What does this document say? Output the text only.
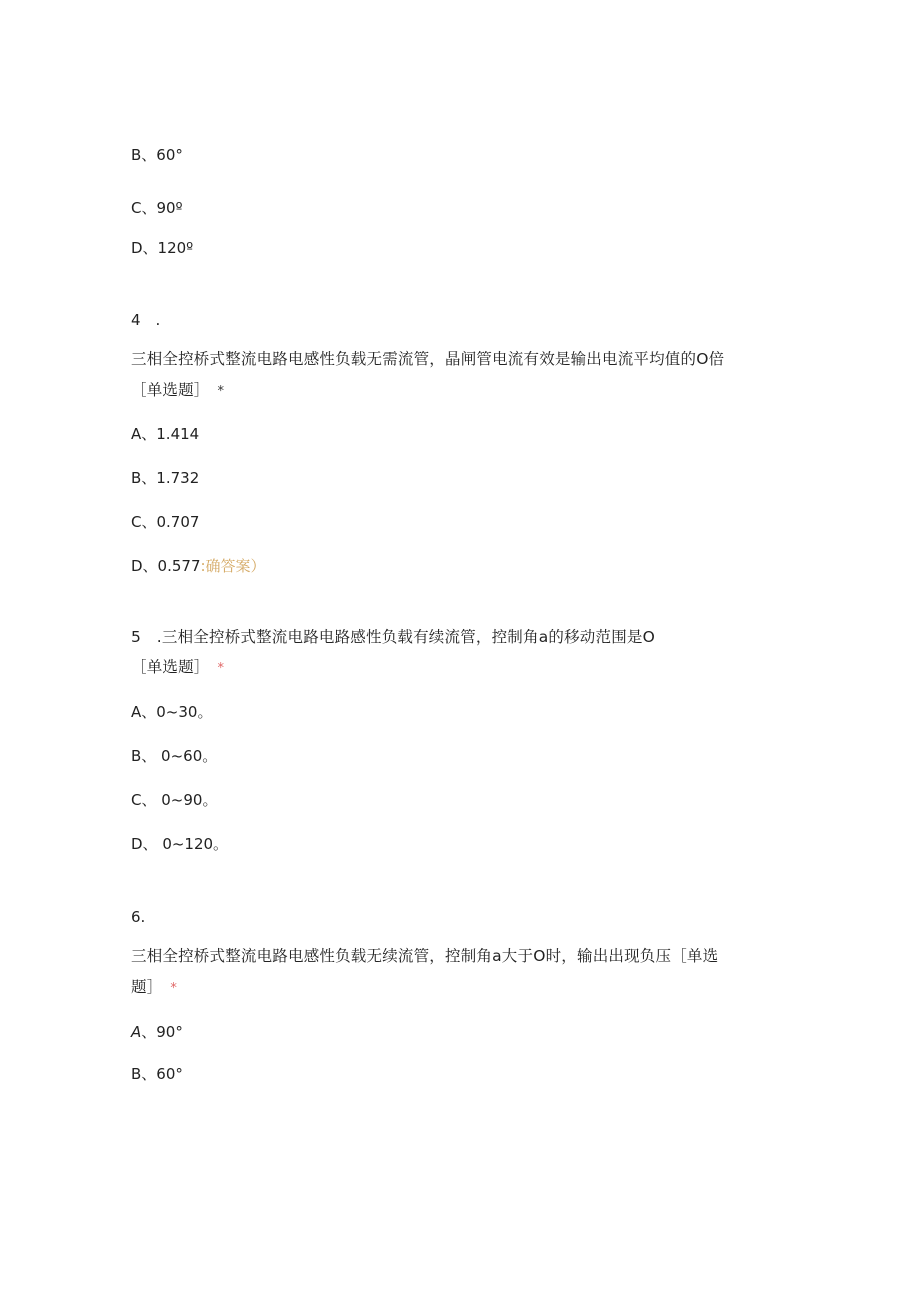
B、60°
C、90º
D、120º
4　.
三相全控桥式整流电路电感性负载无需流管，晶闸管电流有效是输出电流平均值的O倍
［单选题］ *
A、1.414
B、1.732
C、0.707
D、0.577:确答案）
5　.三相全控桥式整流电路电路感性负载有续流管，控制角a的移动范围是O
［单选题］ *
A、0~30。
B、 0~60。
C、 0~90。
D、 0~120。
6.
三相全控桥式整流电路电感性负载无续流管，控制角a大于O时，输出出现负压［单选
题］ *
A、90°
B、60°
